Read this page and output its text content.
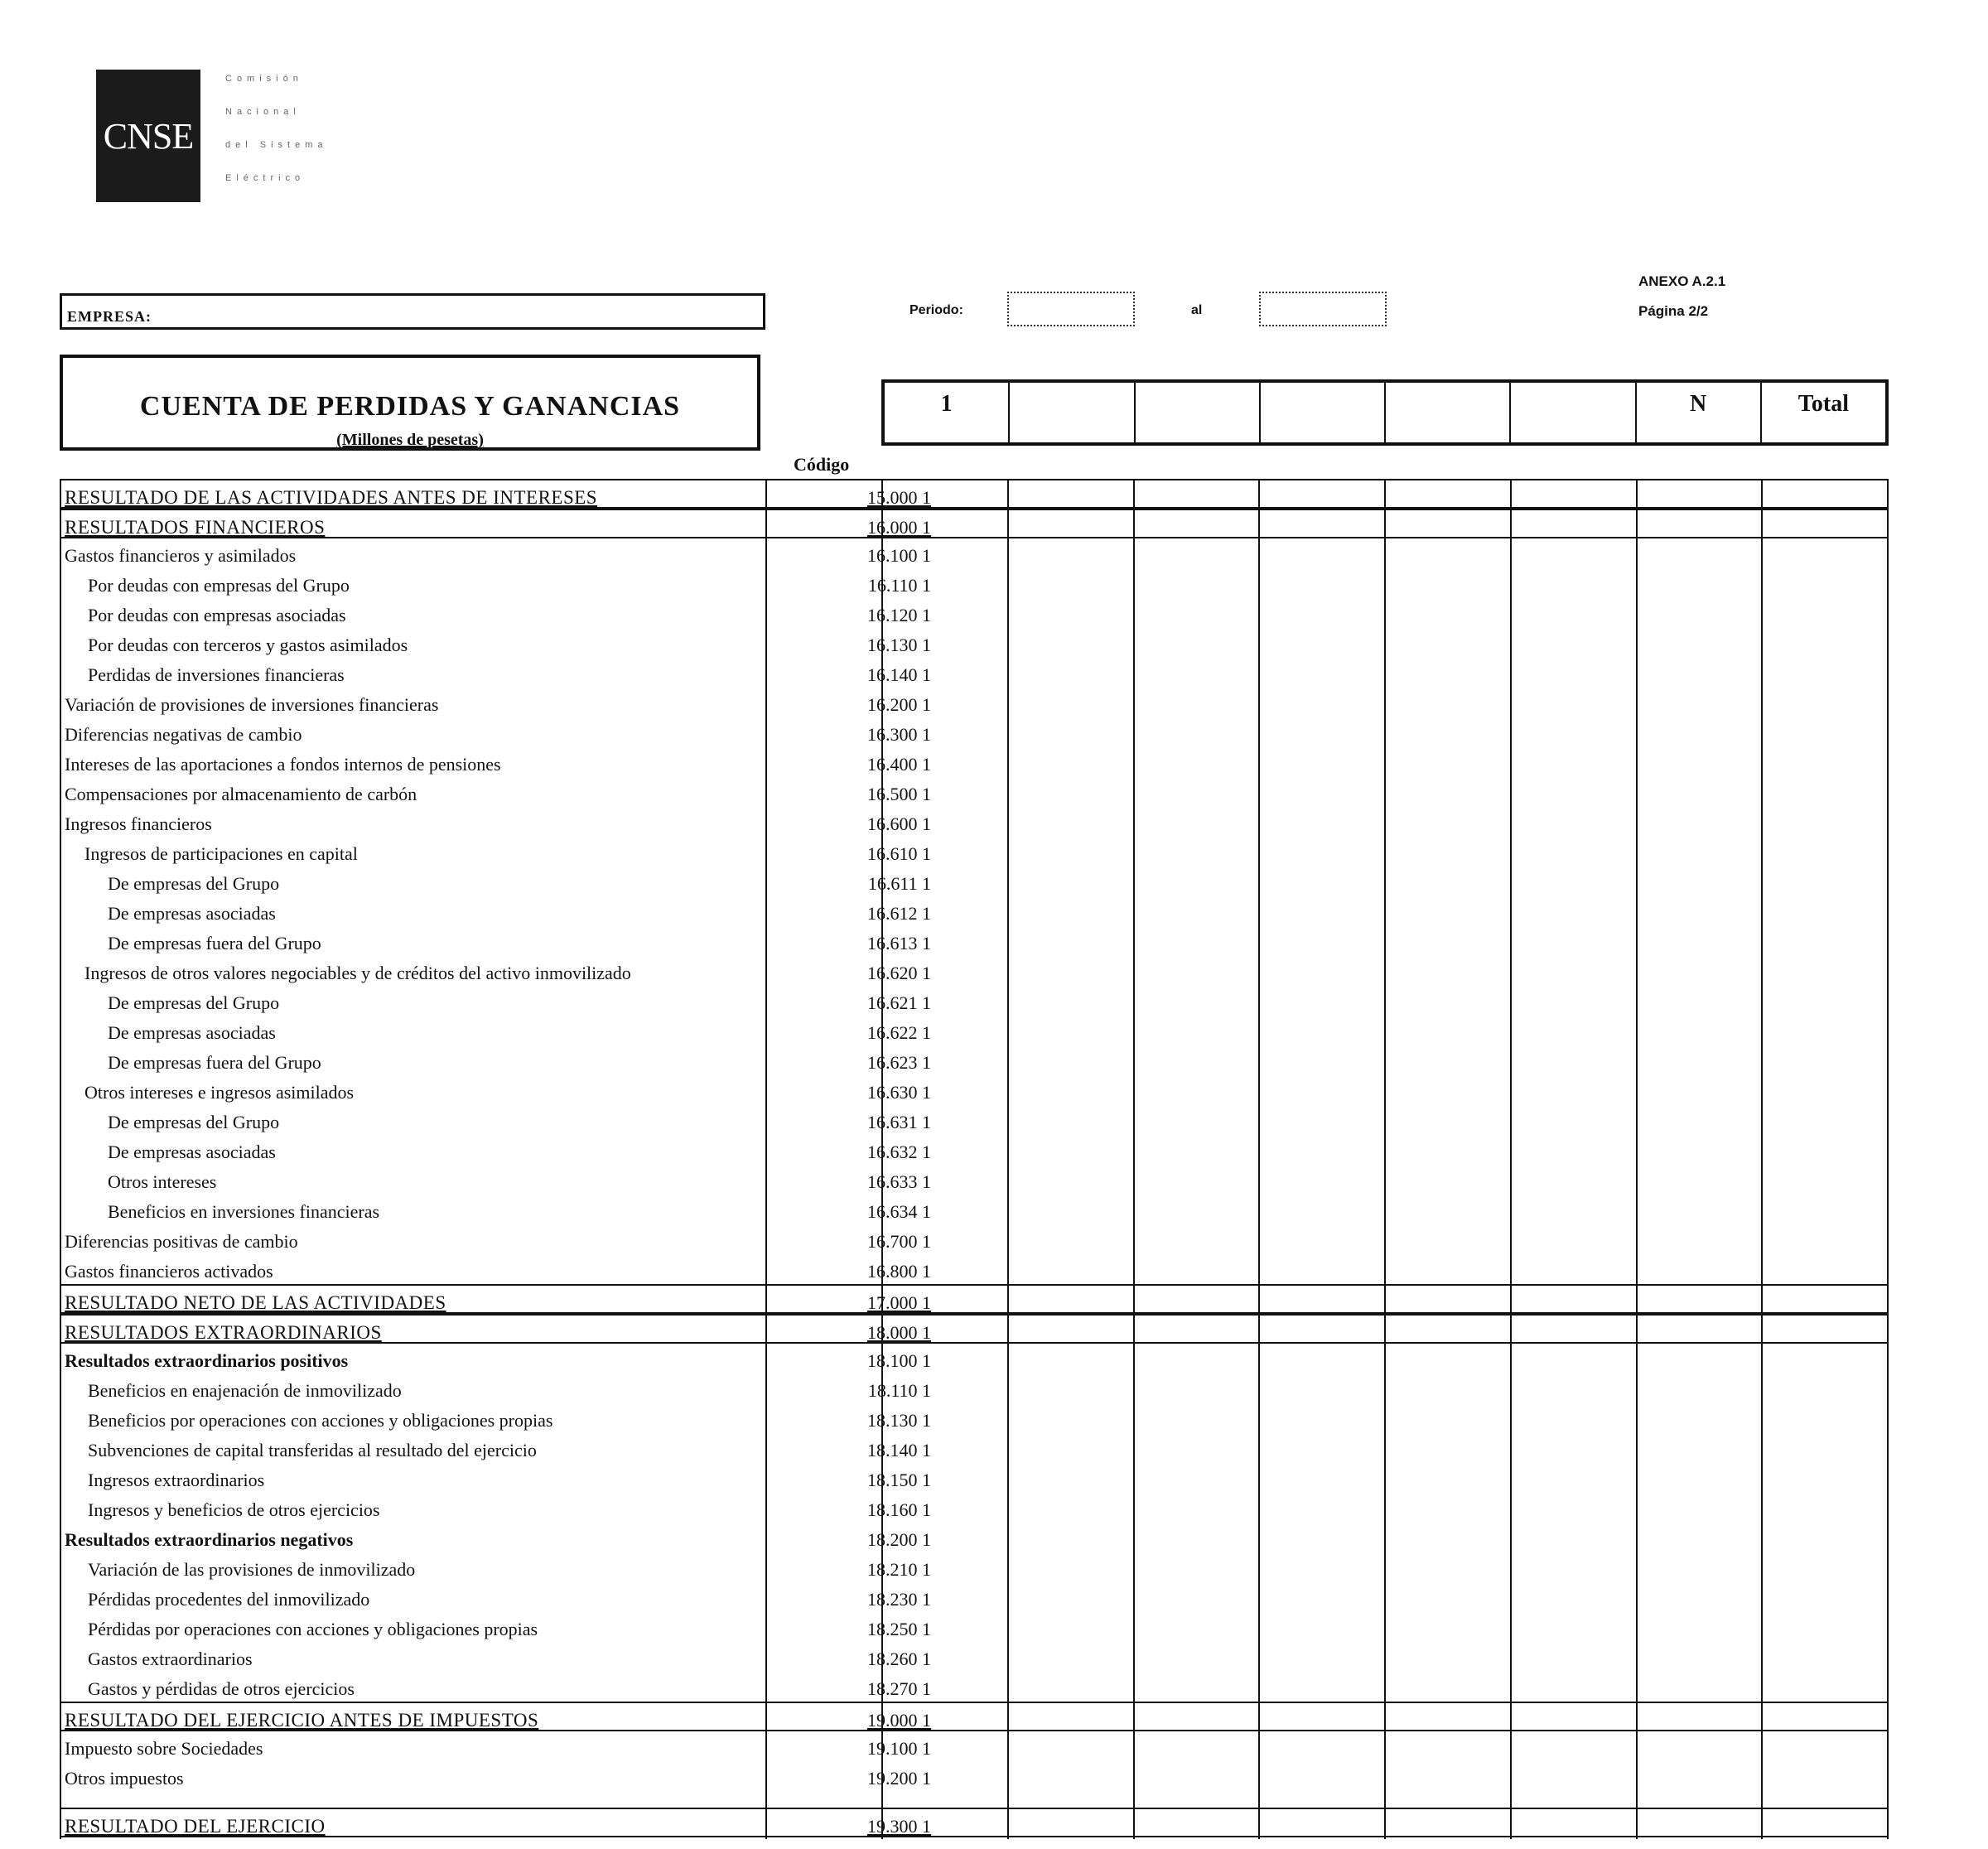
CNSE
Comisión
Nacional
del Sistema
Eléctrico
EMPRESA:	Periodo:	al
ANEXO A.2.1
Página 2/2
CUENTA DE PERDIDAS Y GANANCIAS
(Millones de pesetas)
1	N	Total
Código
RESULTADO DE LAS ACTIVIDADES ANTES DE INTERESES	15.000 1
RESULTADOS FINANCIEROS	16.000 1
Gastos financieros y asimilados	16.100 1
Por deudas con empresas del Grupo	16.110 1
Por deudas con empresas asociadas	16.120 1
Por deudas con terceros y gastos asimilados	16.130 1
Perdidas de inversiones financieras	16.140 1
Variación de provisiones de inversiones financieras	16.200 1
Diferencias negativas de cambio	16.300 1
Intereses de las aportaciones a fondos internos de pensiones	16.400 1
Compensaciones por almacenamiento de carbón	16.500 1
Ingresos financieros	16.600 1
Ingresos de participaciones en capital	16.610 1
De empresas del Grupo	16.611 1
De empresas asociadas	16.612 1
De empresas fuera del Grupo	16.613 1
Ingresos de otros valores negociables y de créditos del activo inmovilizado	16.620 1
De empresas del Grupo	16.621 1
De empresas asociadas	16.622 1
De empresas fuera del Grupo	16.623 1
Otros intereses e ingresos asimilados	16.630 1
De empresas del Grupo	16.631 1
De empresas asociadas	16.632 1
Otros intereses	16.633 1
Beneficios en inversiones financieras	16.634 1
Diferencias positivas de cambio	16.700 1
Gastos financieros activados	16.800 1
RESULTADO NETO DE LAS ACTIVIDADES	17.000 1
RESULTADOS EXTRAORDINARIOS	18.000 1
Resultados extraordinarios positivos	18.100 1
Beneficios en enajenación de inmovilizado	18.110 1
Beneficios por operaciones con acciones y obligaciones propias	18.130 1
Subvenciones de capital transferidas al resultado del ejercicio	18.140 1
Ingresos extraordinarios	18.150 1
Ingresos y beneficios de otros ejercicios	18.160 1
Resultados extraordinarios negativos	18.200 1
Variación de las provisiones de inmovilizado	18.210 1
Pérdidas procedentes del inmovilizado	18.230 1
Pérdidas por operaciones con acciones y obligaciones propias	18.250 1
Gastos extraordinarios	18.260 1
Gastos y pérdidas de otros ejercicios	18.270 1
RESULTADO DEL EJERCICIO ANTES DE IMPUESTOS	19.000 1
Impuesto sobre Sociedades	19.100 1
Otros impuestos	19.200 1
RESULTADO DEL EJERCICIO	19.300 1
